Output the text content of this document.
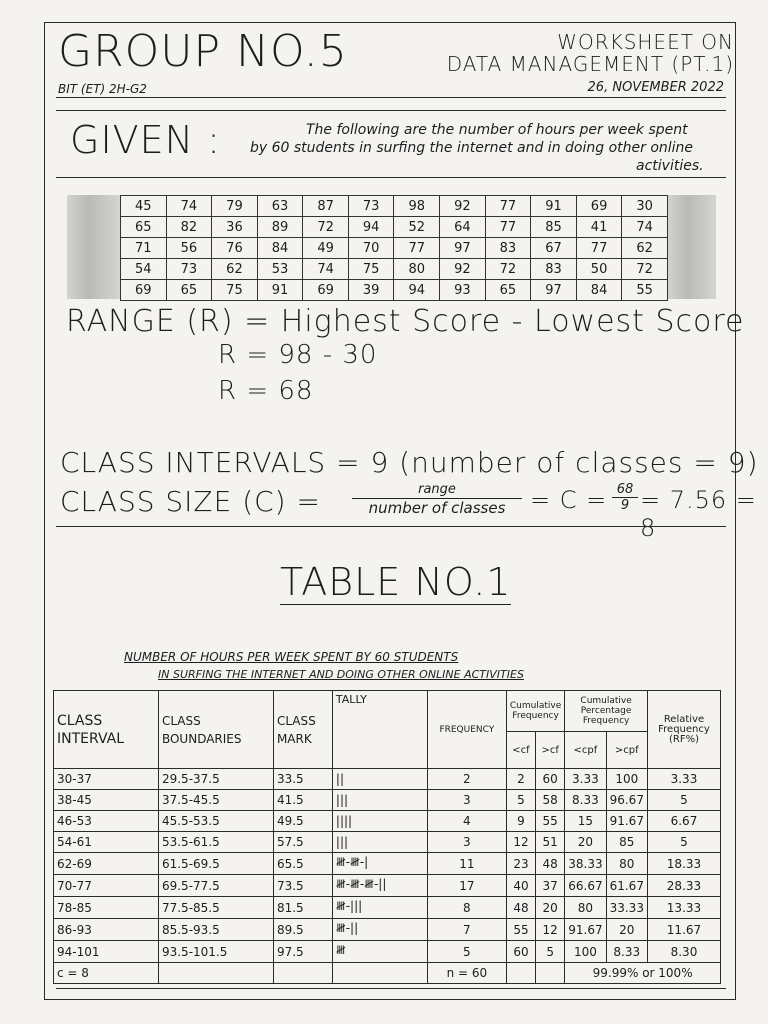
GROUP NO.5
BIT (ET) 2H-G2
WORKSHEET ON
DATA MANAGEMENT (PT.1)
26, NOVEMBER 2022
GIVEN :	The following are the number of hours per week spent
by 60 students in surfing the internet and in doing other online
activities.
45	74	79	63	87	73	98	92	77	91	69	30
65	82	36	89	72	94	52	64	77	85	41	74
71	56	76	84	49	70	77	97	83	67	77	62
54	73	62	53	74	75	80	92	72	83	50	72
69	65	75	91	69	39	94	93	65	97	84	55
RANGE (R) = Highest Score - Lowest Score
R = 98 - 30
R = 68
CLASS INTERVALS = 9 (number of classes = 9)
CLASS SIZE (C) =	range
number of classes	= $C = \frac{68}{9} = 7.56 = 8$
TABLE NO.1
NUMBER OF HOURS PER WEEK SPENT BY 60 STUDENTS
IN SURFING THE INTERNET AND DOING OTHER ONLINE ACTIVITIES
CLASS INTERVAL	CLASS BOUNDARIES	CLASS MARK	TALLY	FREQUENCY	Cumulative Frequency		Cumulative Percentage Frequency		Relative Frequency (RF%)
					<cf	>cf	<cpf	>cpf	
30-37	29.5-37.5	33.5	||	2	2	60	3.33	100	3.33
38-45	37.5-45.5	41.5	|||	3	5	58	8.33	96.67	5
46-53	45.5-53.5	49.5	||||	4	9	55	15	91.67	6.67
54-61	53.5-61.5	57.5	|||	3	12	51	20	85	5
62-69	61.5-69.5	65.5	𝍸-𝍸-|	11	23	48	38.33	80	18.33
70-77	69.5-77.5	73.5	𝍸-𝍸-𝍸-||	17	40	37	66.67	61.67	28.33
78-85	77.5-85.5	81.5	𝍸-|||	8	48	20	80	33.33	13.33
86-93	85.5-93.5	89.5	𝍸-||	7	55	12	91.67	20	11.67
94-101	93.5-101.5	97.5	𝍸	5	60	5	100	8.33	8.30
c = 8				n = 60			99.99% or 100%		
